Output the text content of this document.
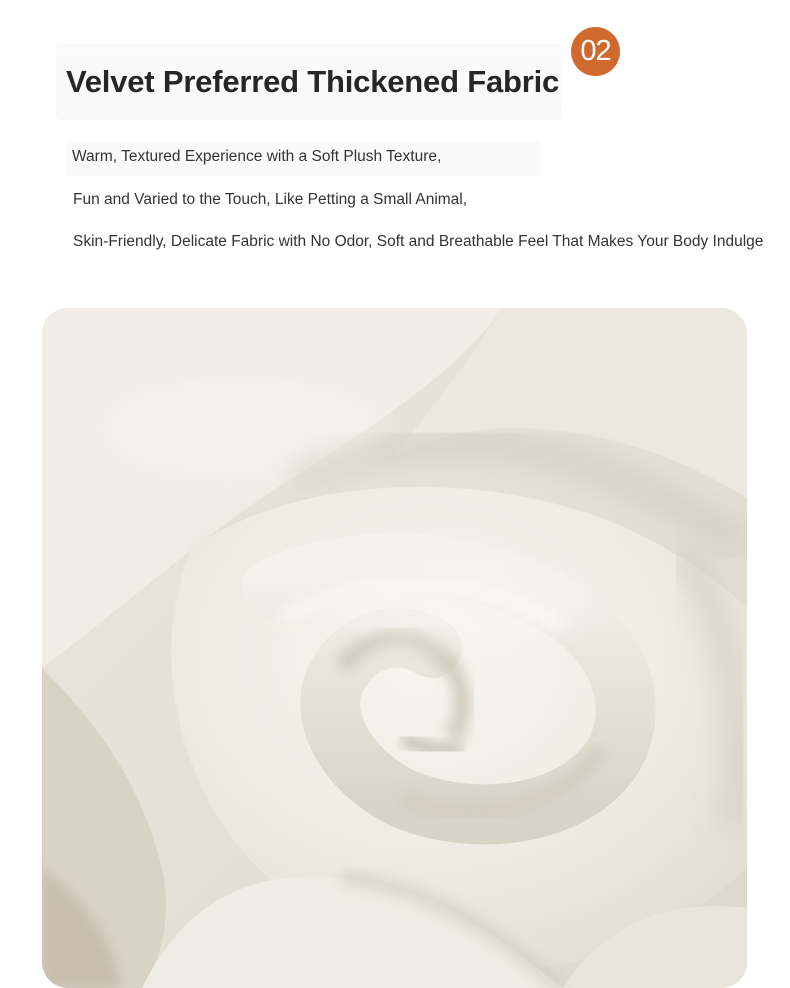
Velvet Preferred Thickened Fabric
02

Warm, Textured Experience with a Soft Plush Texture,

Fun and Varied to the Touch, Like Petting a Small Animal,

Skin-Friendly, Delicate Fabric with No Odor, Soft and Breathable Feel That Makes Your Body Indulge
